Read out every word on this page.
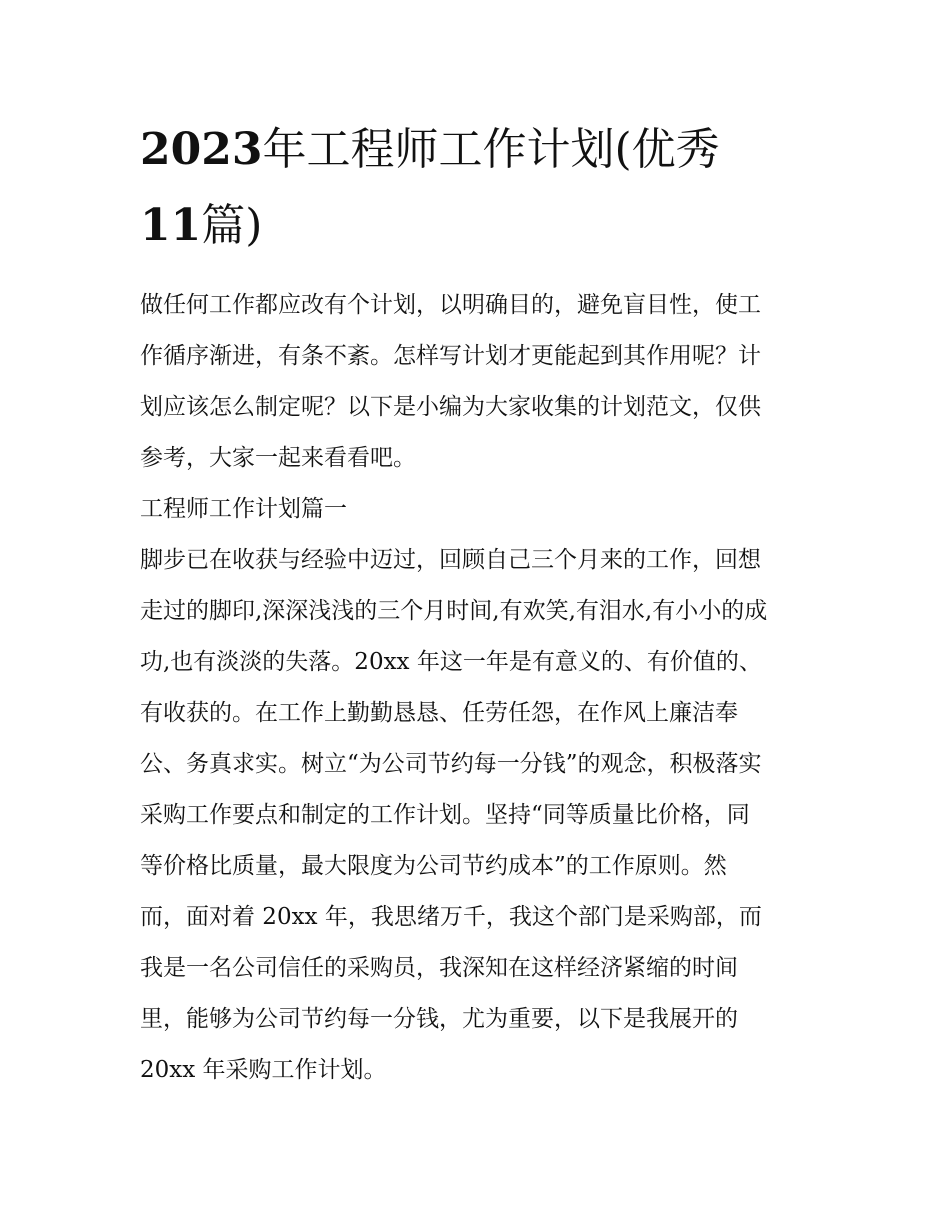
2023年工程师工作计划(优秀
11篇)
做任何工作都应改有个计划，以明确目的，避免盲目性，使工
作循序渐进，有条不紊。怎样写计划才更能起到其作用呢？计
划应该怎么制定呢？以下是小编为大家收集的计划范文，仅供
参考，大家一起来看看吧。
工程师工作计划篇一
脚步已在收获与经验中迈过，回顾自己三个月来的工作，回想
走过的脚印,深深浅浅的三个月时间,有欢笑,有泪水,有小小的成
功,也有淡淡的失落。20xx 年这一年是有意义的、有价值的、
有收获的。在工作上勤勤恳恳、任劳任怨，在作风上廉洁奉
公、务真求实。树立“为公司节约每一分钱”的观念，积极落实
采购工作要点和制定的工作计划。坚持“同等质量比价格，同
等价格比质量，最大限度为公司节约成本”的工作原则。然
而，面对着 20xx 年，我思绪万千，我这个部门是采购部，而
我是一名公司信任的采购员，我深知在这样经济紧缩的时间
里，能够为公司节约每一分钱，尤为重要，以下是我展开的
20xx 年采购工作计划。
